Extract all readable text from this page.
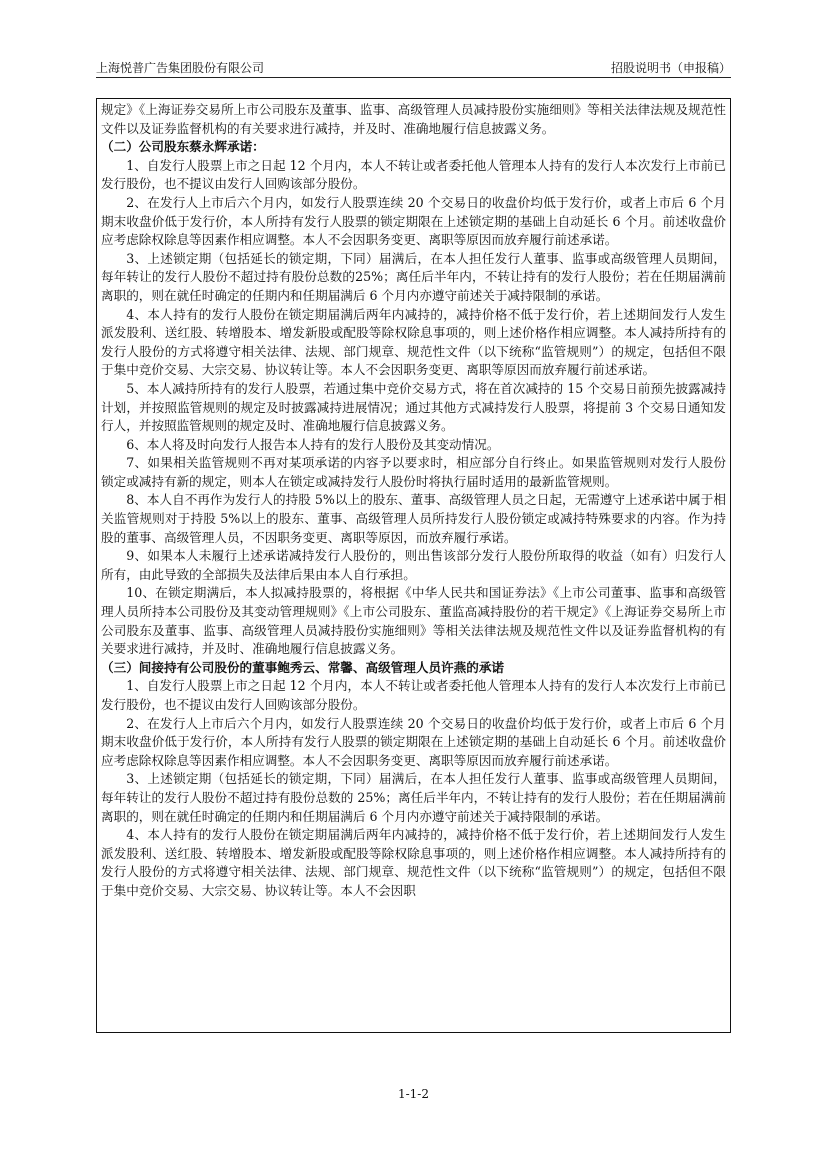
上海悦普广告集团股份有限公司	招股说明书（申报稿）

规定》《上海证券交易所上市公司股东及董事、监事、高级管理人员减持股份实施细则》等相关法律法规及规范性文件以及证券监督机构的有关要求进行减持，并及时、准确地履行信息披露义务。

（二）公司股东蔡永辉承诺：

1、自发行人股票上市之日起 12 个月内，本人不转让或者委托他人管理本人持有的发行人本次发行上市前已发行股份，也不提议由发行人回购该部分股份。

2、在发行人上市后六个月内，如发行人股票连续 20 个交易日的收盘价均低于发行价，或者上市后 6 个月期末收盘价低于发行价，本人所持有发行人股票的锁定期限在上述锁定期的基础上自动延长 6 个月。前述收盘价应考虑除权除息等因素作相应调整。本人不会因职务变更、离职等原因而放弃履行前述承诺。

3、上述锁定期（包括延长的锁定期，下同）届满后，在本人担任发行人董事、监事或高级管理人员期间，每年转让的发行人股份不超过持有股份总数的25%；离任后半年内，不转让持有的发行人股份；若在任期届满前离职的，则在就任时确定的任期内和任期届满后 6 个月内亦遵守前述关于减持限制的承诺。

4、本人持有的发行人股份在锁定期届满后两年内减持的，减持价格不低于发行价，若上述期间发行人发生派发股利、送红股、转增股本、增发新股或配股等除权除息事项的，则上述价格作相应调整。本人减持所持有的发行人股份的方式将遵守相关法律、法规、部门规章、规范性文件（以下统称“监管规则”）的规定，包括但不限于集中竞价交易、大宗交易、协议转让等。本人不会因职务变更、离职等原因而放弃履行前述承诺。

5、本人减持所持有的发行人股票，若通过集中竞价交易方式，将在首次减持的 15 个交易日前预先披露减持计划，并按照监管规则的规定及时披露减持进展情况；通过其他方式减持发行人股票，将提前 3 个交易日通知发行人，并按照监管规则的规定及时、准确地履行信息披露义务。

6、本人将及时向发行人报告本人持有的发行人股份及其变动情况。

7、如果相关监管规则不再对某项承诺的内容予以要求时，相应部分自行终止。如果监管规则对发行人股份锁定或减持有新的规定，则本人在锁定或减持发行人股份时将执行届时适用的最新监管规则。

8、本人自不再作为发行人的持股 5%以上的股东、董事、高级管理人员之日起，无需遵守上述承诺中属于相关监管规则对于持股 5%以上的股东、董事、高级管理人员所持发行人股份锁定或减持特殊要求的内容。作为持股的董事、高级管理人员，不因职务变更、离职等原因，而放弃履行承诺。

9、如果本人未履行上述承诺减持发行人股份的，则出售该部分发行人股份所取得的收益（如有）归发行人所有，由此导致的全部损失及法律后果由本人自行承担。

10、在锁定期满后，本人拟减持股票的，将根据《中华人民共和国证券法》《上市公司董事、监事和高级管理人员所持本公司股份及其变动管理规则》《上市公司股东、董监高减持股份的若干规定》《上海证券交易所上市公司股东及董事、监事、高级管理人员减持股份实施细则》等相关法律法规及规范性文件以及证券监督机构的有关要求进行减持，并及时、准确地履行信息披露义务。

（三）间接持有公司股份的董事鲍秀云、常馨、高级管理人员许燕的承诺

1、自发行人股票上市之日起 12 个月内，本人不转让或者委托他人管理本人持有的发行人本次发行上市前已发行股份，也不提议由发行人回购该部分股份。

2、在发行人上市后六个月内，如发行人股票连续 20 个交易日的收盘价均低于发行价，或者上市后 6 个月期末收盘价低于发行价，本人所持有发行人股票的锁定期限在上述锁定期的基础上自动延长 6 个月。前述收盘价应考虑除权除息等因素作相应调整。本人不会因职务变更、离职等原因而放弃履行前述承诺。

3、上述锁定期（包括延长的锁定期，下同）届满后，在本人担任发行人董事、监事或高级管理人员期间，每年转让的发行人股份不超过持有股份总数的 25%；离任后半年内，不转让持有的发行人股份；若在任期届满前离职的，则在就任时确定的任期内和任期届满后 6 个月内亦遵守前述关于减持限制的承诺。

4、本人持有的发行人股份在锁定期届满后两年内减持的，减持价格不低于发行价，若上述期间发行人发生派发股利、送红股、转增股本、增发新股或配股等除权除息事项的，则上述价格作相应调整。本人减持所持有的发行人股份的方式将遵守相关法律、法规、部门规章、规范性文件（以下统称“监管规则”）的规定，包括但不限于集中竞价交易、大宗交易、协议转让等。本人不会因职

1-1-2
